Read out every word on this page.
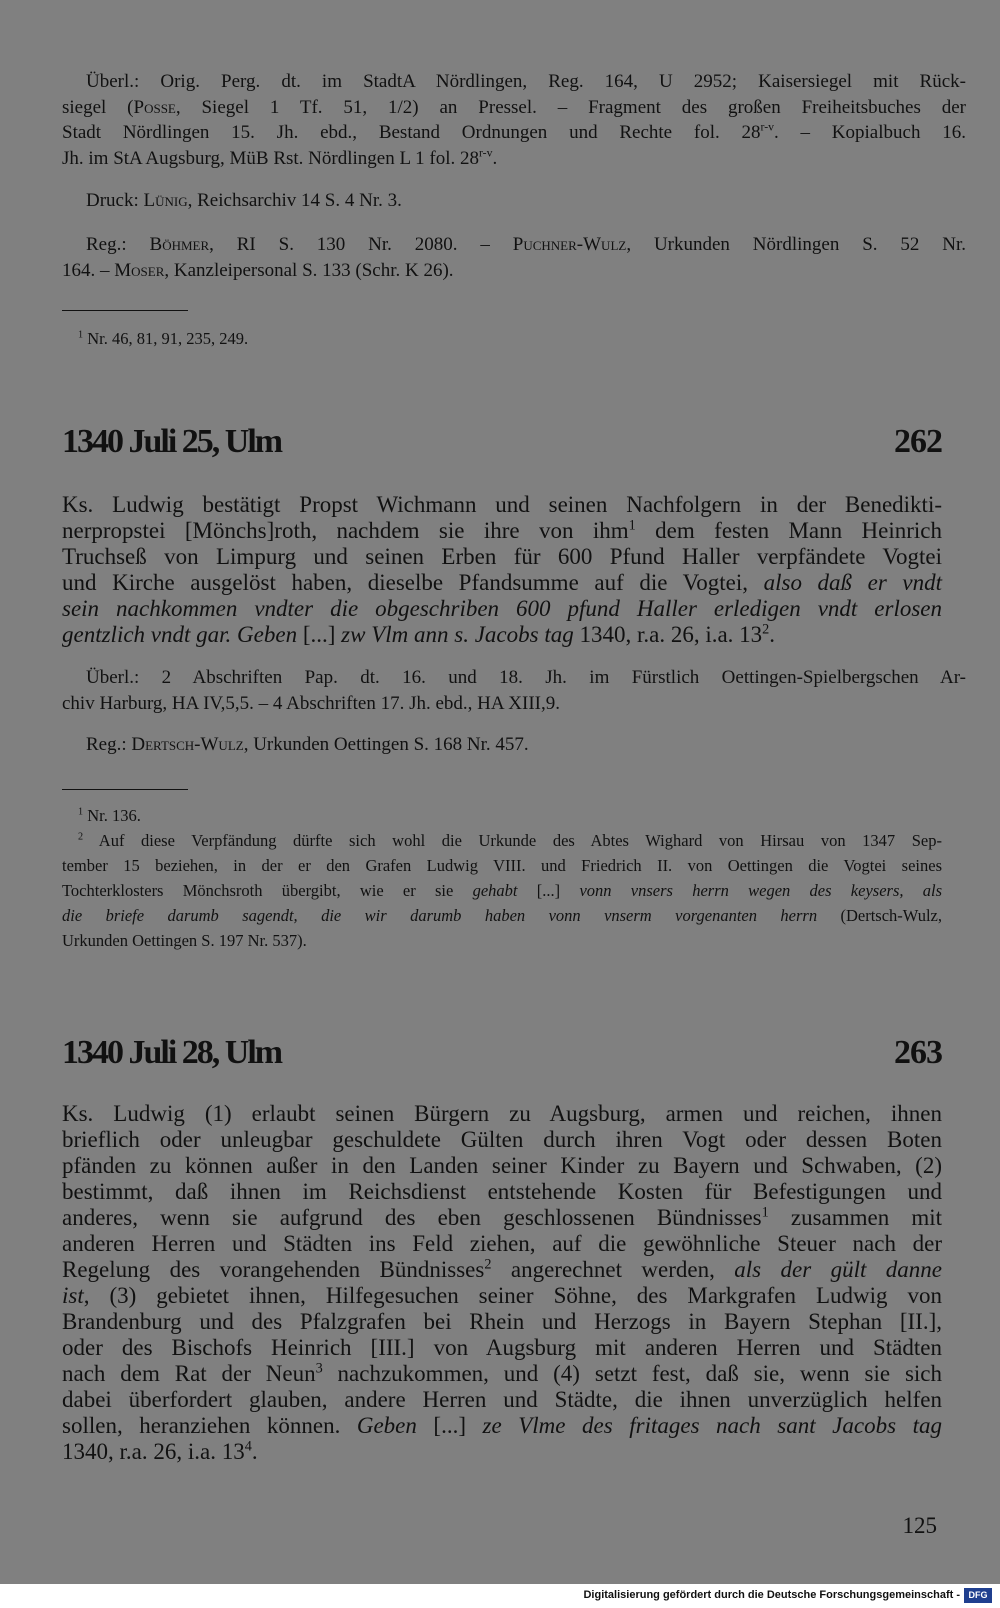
Überl.: Orig. Perg. dt. im StadtA Nördlingen, Reg. 164, U 2952; Kaisersiegel mit Rück-
siegel (Posse, Siegel 1 Tf. 51, 1/2) an Pressel. – Fragment des großen Freiheitsbuches der
Stadt Nördlingen 15. Jh. ebd., Bestand Ordnungen und Rechte fol. 28$^{r-v}$. – Kopialbuch 16.
Jh. im StA Augsburg, MüB Rst. Nördlingen L 1 fol. 28$^{r-v}$.
Druck: Lünig, Reichsarchiv 14 S. 4 Nr. 3.
Reg.: Böhmer, RI S. 130 Nr. 2080. – Puchner-Wulz, Urkunden Nördlingen S. 52 Nr.
164. – Moser, Kanzleipersonal S. 133 (Schr. K 26).
$^1$ Nr. 46, 81, 91, 235, 249.
1340 Juli 25, Ulm	262
Ks. Ludwig bestätigt Propst Wichmann und seinen Nachfolgern in der Benedikti-
nerpropstei [Mönchs]roth, nachdem sie ihre von ihm$^1$ dem festen Mann Heinrich
Truchseß von Limpurg und seinen Erben für 600 Pfund Haller verpfändete Vogtei
und Kirche ausgelöst haben, dieselbe Pfandsumme auf die Vogtei, also daß er vndt
sein nachkommen vndter die obgeschriben 600 pfund Haller erledigen vndt erlosen
gentzlich vndt gar. Geben [...] zw Vlm ann s. Jacobs tag 1340, r.a. 26, i.a. $13^2$.
Überl.: 2 Abschriften Pap. dt. 16. und 18. Jh. im Fürstlich Oettingen-Spielbergschen Ar-
chiv Harburg, HA IV,5,5. – 4 Abschriften 17. Jh. ebd., HA XIII,9.
Reg.: Dertsch-Wulz, Urkunden Oettingen S. 168 Nr. 457.
$^1$ Nr. 136.
$^2$ Auf diese Verpfändung dürfte sich wohl die Urkunde des Abtes Wighard von Hirsau von 1347 Sep-
tember 15 beziehen, in der er den Grafen Ludwig VIII. und Friedrich II. von Oettingen die Vogtei seines
Tochterklosters Mönchsroth übergibt, wie er sie gehabt [...] vonn vnsers herrn wegen des keysers, als
die briefe darumb sagendt, die wir darumb haben vonn vnserm vorgenanten herrn (Dertsch-Wulz,
Urkunden Oettingen S. 197 Nr. 537).
1340 Juli 28, Ulm	263
Ks. Ludwig (1) erlaubt seinen Bürgern zu Augsburg, armen und reichen, ihnen
brieflich oder unleugbar geschuldete Gülten durch ihren Vogt oder dessen Boten
pfänden zu können außer in den Landen seiner Kinder zu Bayern und Schwaben, (2)
bestimmt, daß ihnen im Reichsdienst entstehende Kosten für Befestigungen und
anderes, wenn sie aufgrund des eben geschlossenen Bündnisses$^1$ zusammen mit
anderen Herren und Städten ins Feld ziehen, auf die gewöhnliche Steuer nach der
Regelung des vorangehenden Bündnisses$^2$ angerechnet werden, als der gült danne
ist, (3) gebietet ihnen, Hilfegesuchen seiner Söhne, des Markgrafen Ludwig von
Brandenburg und des Pfalzgrafen bei Rhein und Herzogs in Bayern Stephan [II.],
oder des Bischofs Heinrich [III.] von Augsburg mit anderen Herren und Städten
nach dem Rat der Neun$^3$ nachzukommen, und (4) setzt fest, daß sie, wenn sie sich
dabei überfordert glauben, andere Herren und Städte, die ihnen unverzüglich helfen
sollen, heranziehen können. Geben [...] ze Vlme des fritages nach sant Jacobs tag
1340, r.a. 26, i.a. $13^4$.
125
Digitalisierung gefördert durch die Deutsche Forschungsgemeinschaft - DFG
